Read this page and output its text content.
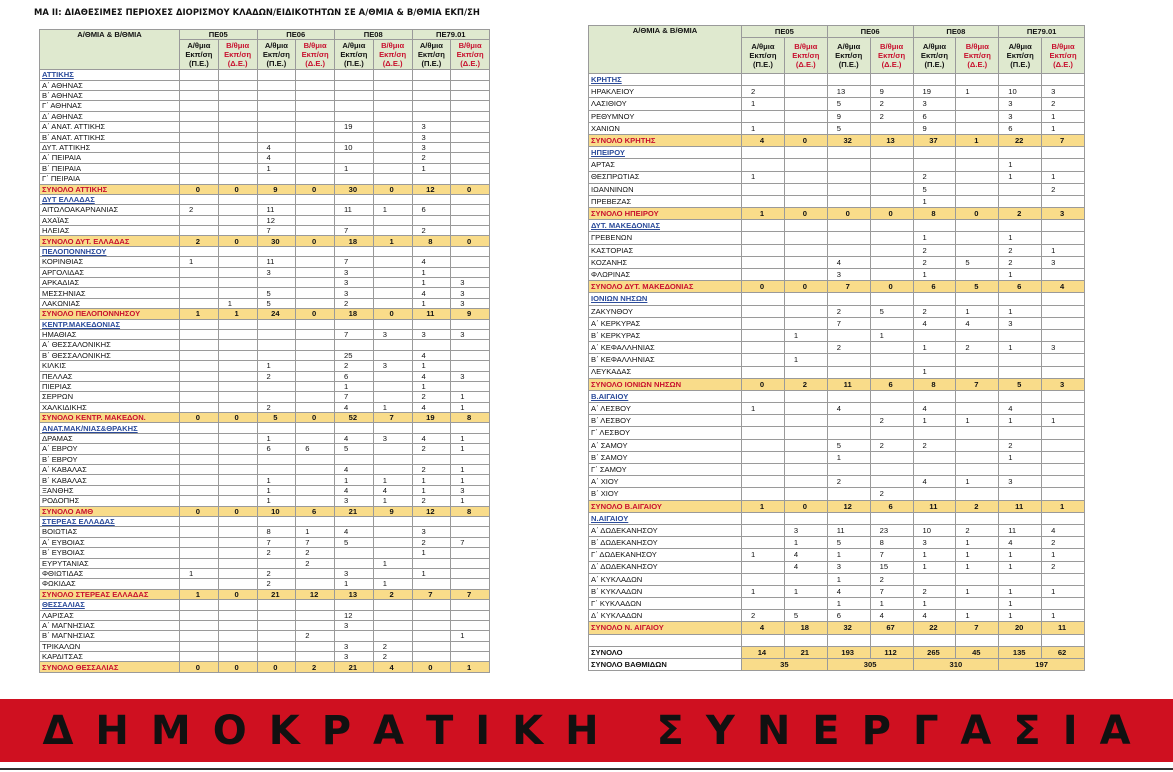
ΜΑ ΙΙ: ΔΙΑΘΕΣΙΜΕΣ ΠΕΡΙΟΧΕΣ ΔΙΟΡΙΣΜΟΥ ΚΛΑΔΩΝ/ΕΙΔΙΚΟΤΗΤΩΝ ΣΕ Α/ΘΜΙΑ & Β/ΘΜΙΑ ΕΚΠ/ΣΗ
Α/ΘΜΙΑ & Β/ΘΜΙΑ	ΠΕ05		ΠΕ06		ΠΕ08		ΠΕ79.01	
	Α/θμια Εκπ/ση (Π.Ε.)	Β/θμια Εκπ/ση (Δ.Ε.)	Α/θμια Εκπ/ση (Π.Ε.)	Β/θμια Εκπ/ση (Δ.Ε.)	Α/θμια Εκπ/ση (Π.Ε.)	Β/θμια Εκπ/ση (Δ.Ε.)	Α/θμια Εκπ/ση (Π.Ε.)	Β/θμια Εκπ/ση (Δ.Ε.)
ΑΤΤΙΚΗΣ								
Α΄ ΑΘΗΝΑΣ								
Β΄ ΑΘΗΝΑΣ								
Γ΄ ΑΘΗΝΑΣ								
Δ΄ ΑΘΗΝΑΣ								
Α΄ ΑΝΑΤ. ΑΤΤΙΚΗΣ					19		3	
Β΄ ΑΝΑΤ. ΑΤΤΙΚΗΣ							3	
ΔΥΤ. ΑΤΤΙΚΗΣ			4		10		3	
Α΄ ΠΕΙΡΑΙΑ			4				2	
Β΄ ΠΕΙΡΑΙΑ			1		1		1	
Γ΄ ΠΕΙΡΑΙΑ								
ΣΥΝΟΛΟ ΑΤΤΙΚΗΣ	0	0	9	0	30	0	12	0
ΔΥΤ ΕΛΛΑΔΑΣ								
ΑΙΤΩΛΟΑΚΑΡΝΑΝΙΑΣ	2		11		11	1	6	
ΑΧΑΪΑΣ			12					
ΗΛΕΙΑΣ			7		7		2	
ΣΥΝΟΛΟ ΔΥΤ. ΕΛΛΑΔΑΣ	2	0	30	0	18	1	8	0
ΠΕΛΟΠΟΝΝΗΣΟΥ								
ΚΟΡΙΝΘΙΑΣ	1		11		7		4	
ΑΡΓΟΛΙΔΑΣ			3		3		1	
ΑΡΚΑΔΙΑΣ					3		1	3
ΜΕΣΣΗΝΙΑΣ			5		3		4	3
ΛΑΚΩΝΙΑΣ		1	5		2		1	3
ΣΥΝΟΛΟ ΠΕΛΟΠΟΝΝΗΣΟΥ	1	1	24	0	18	0	11	9
ΚΕΝΤΡ.ΜΑΚΕΔΟΝΙΑΣ								
ΗΜΑΘΙΑΣ					7	3	3	3
Α΄ ΘΕΣΣΑΛΟΝΙΚΗΣ								
Β΄ ΘΕΣΣΑΛΟΝΙΚΗΣ					25		4	
ΚΙΛΚΙΣ			1		2	3	1	
ΠΕΛΛΑΣ			2		6		4	3
ΠΙΕΡΙΑΣ					1		1	
ΣΕΡΡΩΝ					7		2	1
ΧΑΛΚΙΔΙΚΗΣ			2		4	1	4	1
ΣΥΝΟΛΟ ΚΕΝΤΡ. ΜΑΚΕΔΟΝ.	0	0	5	0	52	7	19	8
ΑΝΑΤ.ΜΑΚ/ΝΙΑΣ&ΘΡΑΚΗΣ								
ΔΡΑΜΑΣ			1		4	3	4	1
Α΄ ΕΒΡΟΥ			6	6	5		2	1
Β΄ ΕΒΡΟΥ								
Α΄ ΚΑΒΑΛΑΣ					4		2	1
Β΄ ΚΑΒΑΛΑΣ			1		1	1	1	1
ΞΑΝΘΗΣ			1		4	4	1	3
ΡΟΔΟΠΗΣ			1		3	1	2	1
ΣΥΝΟΛΟ ΑΜΘ	0	0	10	6	21	9	12	8
ΣΤΕΡΕΑΣ ΕΛΛΑΔΑΣ								
ΒΟΙΩΤΙΑΣ			8	1	4		3	
Α΄ ΕΥΒΟΙΑΣ			7	7	5		2	7
Β΄ ΕΥΒΟΙΑΣ			2	2			1	
ΕΥΡΥΤΑΝΙΑΣ				2		1		
ΦΘΙΩΤΙΔΑΣ	1		2		3		1	
ΦΩΚΙΔΑΣ			2		1	1		
ΣΥΝΟΛΟ ΣΤΕΡΕΑΣ ΕΛΛΑΔΑΣ	1	0	21	12	13	2	7	7
ΘΕΣΣΑΛΙΑΣ								
ΛΑΡΙΣΑΣ					12			
Α΄ ΜΑΓΝΗΣΙΑΣ					3			
Β΄ ΜΑΓΝΗΣΙΑΣ				2				1
ΤΡΙΚΑΛΩΝ					3	2		
ΚΑΡΔΙΤΣΑΣ					3	2		
ΣΥΝΟΛΟ ΘΕΣΣΑΛΙΑΣ	0	0	0	2	21	4	0	1
Α/ΘΜΙΑ & Β/ΘΜΙΑ	ΠΕ05		ΠΕ06		ΠΕ08		ΠΕ79.01	
	Α/θμια Εκπ/ση (Π.Ε.)	Β/θμια Εκπ/ση (Δ.Ε.)	Α/θμια Εκπ/ση (Π.Ε.)	Β/θμια Εκπ/ση (Δ.Ε.)	Α/θμια Εκπ/ση (Π.Ε.)	Β/θμια Εκπ/ση (Δ.Ε.)	Α/θμια Εκπ/ση (Π.Ε.)	Β/θμια Εκπ/ση (Δ.Ε.)
ΚΡΗΤΗΣ								
ΗΡΑΚΛΕΙΟΥ	2		13	9	19	1	10	3
ΛΑΣΙΘΙΟΥ	1		5	2	3		3	2
ΡΕΘΥΜΝΟΥ			9	2	6		3	1
ΧΑΝΙΩΝ	1		5		9		6	1
ΣΥΝΟΛΟ ΚΡΗΤΗΣ	4	0	32	13	37	1	22	7
ΗΠΕΙΡΟΥ								
ΑΡΤΑΣ							1	
ΘΕΣΠΡΩΤΙΑΣ	1				2		1	1
ΙΩΑΝΝΙΝΩΝ					5			2
ΠΡΕΒΕΖΑΣ					1			
ΣΥΝΟΛΟ ΗΠΕΙΡΟΥ	1	0	0	0	8	0	2	3
ΔΥΤ. ΜΑΚΕΔΟΝΙΑΣ								
ΓΡΕΒΕΝΩΝ					1		1	
ΚΑΣΤΟΡΙΑΣ					2		2	1
ΚΟΖΑΝΗΣ			4		2	5	2	3
ΦΛΩΡΙΝΑΣ			3		1		1	
ΣΥΝΟΛΟ ΔΥΤ. ΜΑΚΕΔΟΝΙΑΣ	0	0	7	0	6	5	6	4
ΙΟΝΙΩΝ ΝΗΣΩΝ								
ΖΑΚΥΝΘΟΥ			2	5	2	1	1	
Α΄ ΚΕΡΚΥΡΑΣ			7		4	4	3	
Β΄ ΚΕΡΚΥΡΑΣ		1		1				
Α΄ ΚΕΦΑΛΛΗΝΙΑΣ			2		1	2	1	3
Β΄ ΚΕΦΑΛΛΗΝΙΑΣ		1						
ΛΕΥΚΑΔΑΣ					1			
ΣΥΝΟΛΟ ΙΟΝΙΩΝ ΝΗΣΩΝ	0	2	11	6	8	7	5	3
Β.ΑΙΓΑΙΟΥ								
Α΄ ΛΕΣΒΟΥ	1		4		4		4	
Β΄ ΛΕΣΒΟΥ				2	1	1	1	1
Γ΄ ΛΕΣΒΟΥ								
Α΄ ΣΑΜΟΥ			5	2	2		2	
Β΄ ΣΑΜΟΥ			1				1	
Γ΄ ΣΑΜΟΥ								
Α΄ ΧΙΟΥ			2		4	1	3	
Β΄ ΧΙΟΥ				2				
ΣΥΝΟΛΟ Β.ΑΙΓΑΙΟΥ	1	0	12	6	11	2	11	1
Ν.ΑΙΓΑΙΟΥ								
Α΄ ΔΩΔΕΚΑΝΗΣΟΥ		3	11	23	10	2	11	4
Β΄ ΔΩΔΕΚΑΝΗΣΟΥ		1	5	8	3	1	4	2
Γ΄ ΔΩΔΕΚΑΝΗΣΟΥ	1	4	1	7	1	1	1	1
Δ΄ ΔΩΔΕΚΑΝΗΣΟΥ		4	3	15	1	1	1	2
Α΄ ΚΥΚΛΑΔΩΝ			1	2				
Β΄ ΚΥΚΛΑΔΩΝ	1	1	4	7	2	1	1	1
Γ΄ ΚΥΚΛΑΔΩΝ			1	1	1		1	
Δ΄ ΚΥΚΛΑΔΩΝ	2	5	6	4	4	1	1	1
ΣΥΝΟΛΟ Ν. ΑΙΓΑΙΟΥ	4	18	32	67	22	7	20	11

ΣΥΝΟΛΟ	14	21	193	112	265	45	135	62
ΣΥΝΟΛΟ ΒΑΘΜΙΔΩΝ	35		305		310		197	
ΔΗΜΟΚΡΑΤΙΚΗ ΣΥΝΕΡΓΑΣΙΑ
